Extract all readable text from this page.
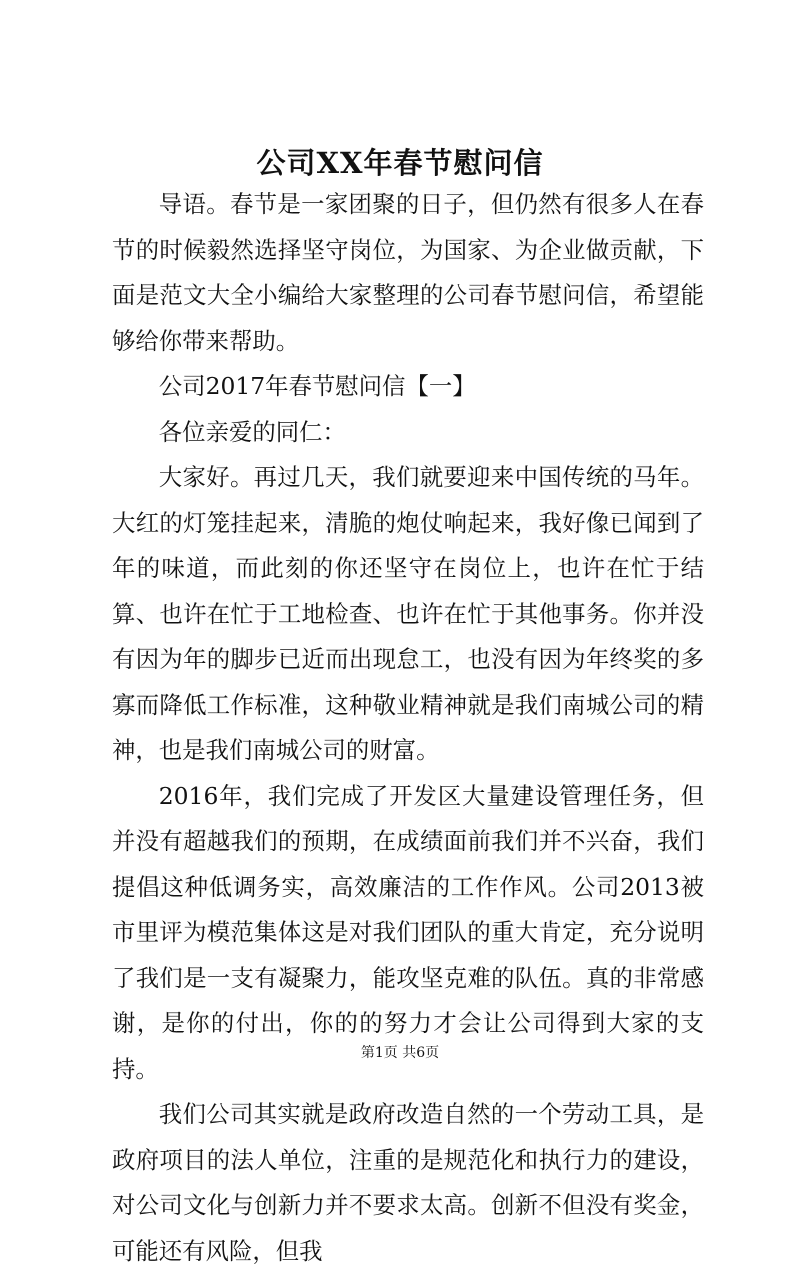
公司XX年春节慰问信

导语。春节是一家团聚的日子，但仍然有很多人在春节的时候毅然选择坚守岗位，为国家、为企业做贡献，下面是范文大全小编给大家整理的公司春节慰问信，希望能够给你带来帮助。

公司2017年春节慰问信【一】

各位亲爱的同仁：

大家好。再过几天，我们就要迎来中国传统的马年。大红的灯笼挂起来，清脆的炮仗响起来，我好像已闻到了年的味道，而此刻的你还坚守在岗位上，也许在忙于结算、也许在忙于工地检查、也许在忙于其他事务。你并没有因为年的脚步已近而出现怠工，也没有因为年终奖的多寡而降低工作标准，这种敬业精神就是我们南城公司的精神，也是我们南城公司的财富。

2016年，我们完成了开发区大量建设管理任务，但并没有超越我们的预期，在成绩面前我们并不兴奋，我们提倡这种低调务实，高效廉洁的工作作风。公司2013被市里评为模范集体这是对我们团队的重大肯定，充分说明了我们是一支有凝聚力，能攻坚克难的队伍。真的非常感谢，是你的付出，你的的努力才会让公司得到大家的支持。

我们公司其实就是政府改造自然的一个劳动工具，是政府项目的法人单位，注重的是规范化和执行力的建设，对公司文化与创新力并不要求太高。创新不但没有奖金，可能还有风险，但我

第1页 共6页
